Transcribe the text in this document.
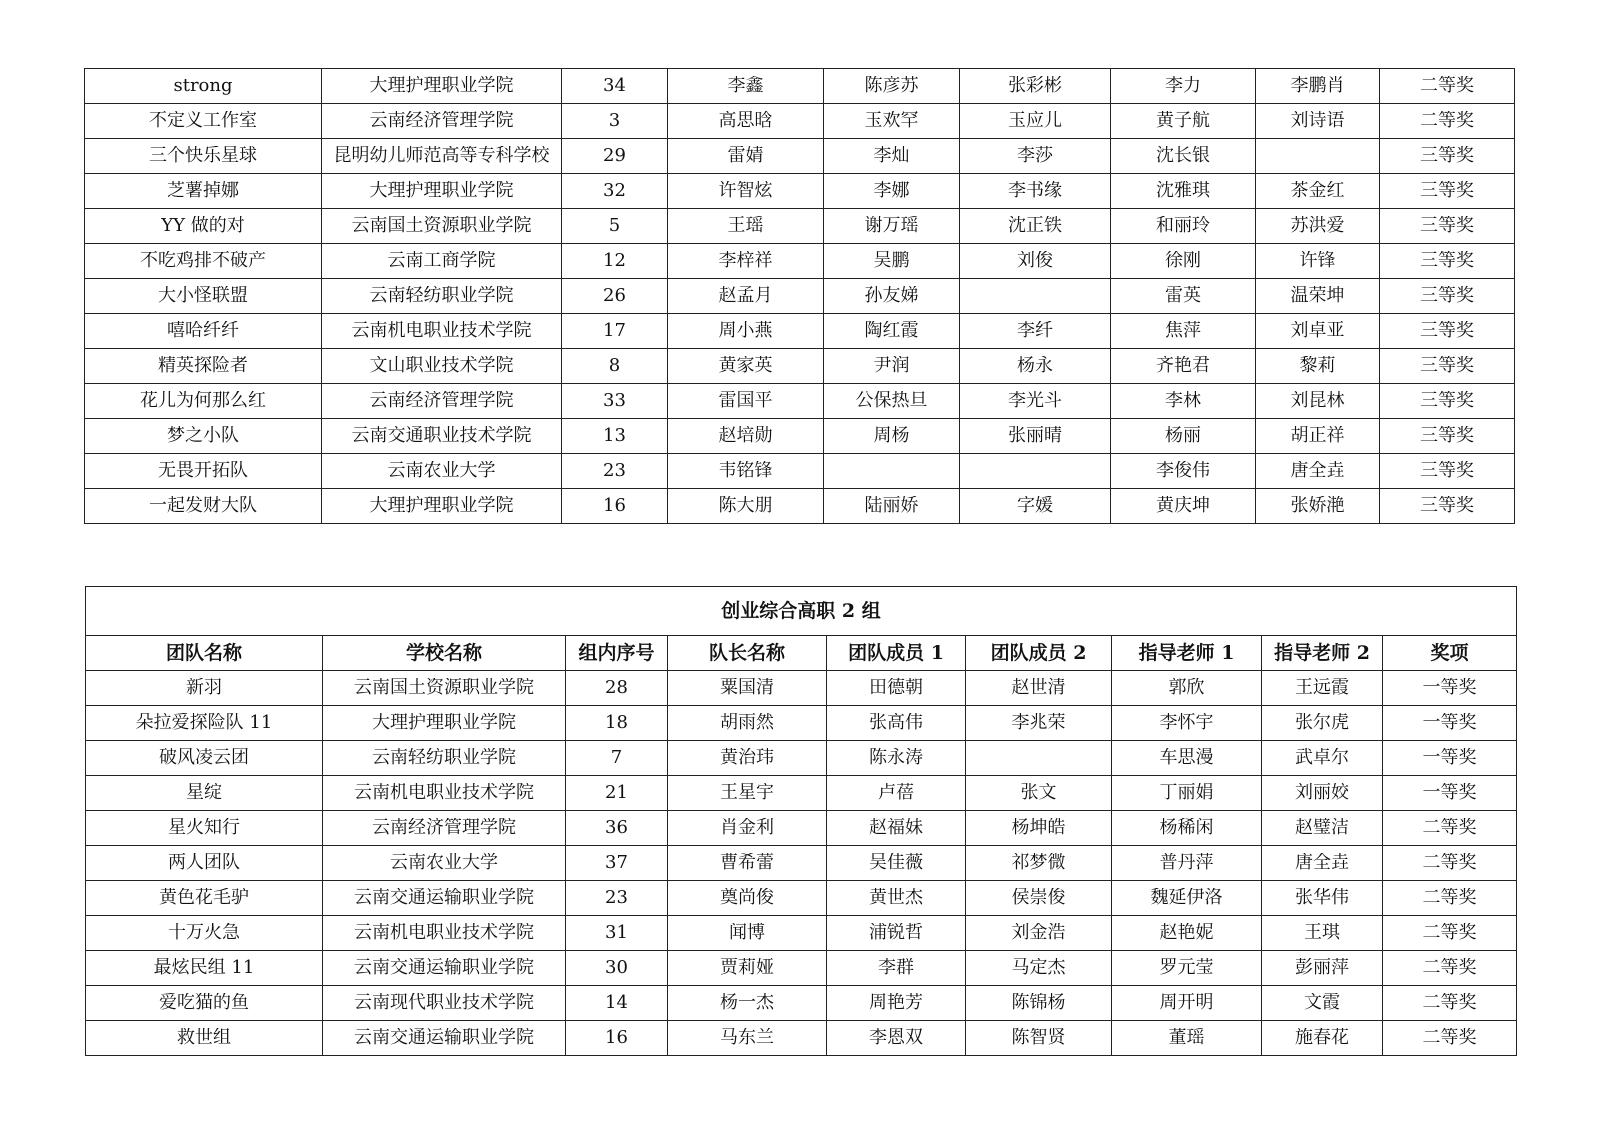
strong	大理护理职业学院	34	李鑫	陈彦苏	张彩彬	李力	李鹏肖	二等奖

不定义工作室	云南经济管理学院	3	高思晗	玉欢罕	玉应儿	黄子航	刘诗语	二等奖

三个快乐星球	昆明幼儿师范高等专科学校	29	雷婧	李灿	李莎	沈长银		三等奖

芝薯掉娜	大理护理职业学院	32	许智炫	李娜	李书缘	沈雅琪	茶金红	三等奖

YY 做的对	云南国土资源职业学院	5	王瑶	谢万瑶	沈正铁	和丽玲	苏洪爱	三等奖

不吃鸡排不破产	云南工商学院	12	李梓祥	吴鹏	刘俊	徐刚	许锋	三等奖

大小怪联盟	云南轻纺职业学院	26	赵孟月	孙友娣		雷英	温荣坤	三等奖

嘻哈纤纤	云南机电职业技术学院	17	周小燕	陶红霞	李纤	焦萍	刘卓亚	三等奖

精英探险者	文山职业技术学院	8	黄家英	尹润	杨永	齐艳君	黎莉	三等奖

花儿为何那么红	云南经济管理学院	33	雷国平	公保热旦	李光斗	李林	刘昆林	三等奖

梦之小队	云南交通职业技术学院	13	赵培勋	周杨	张丽晴	杨丽	胡正祥	三等奖

无畏开拓队	云南农业大学	23	韦铭锋			李俊伟	唐全垚	三等奖

一起发财大队	大理护理职业学院	16	陈大朋	陆丽娇	字媛	黄庆坤	张娇滟	三等奖
创业综合高职 2 组								
团队名称	学校名称	组内序号	队长名称	团队成员 1	团队成员 2	指导老师 1	指导老师 2	奖项

新羽	云南国土资源职业学院	28	粟国清	田德朝	赵世清	郭欣	王远霞	一等奖

朵拉爱探险队 11	大理护理职业学院	18	胡雨然	张高伟	李兆荣	李怀宇	张尔虎	一等奖

破风凌云团	云南轻纺职业学院	7	黄治玮	陈永涛		车思漫	武卓尔	一等奖

星绽	云南机电职业技术学院	21	王星宇	卢蓓	张文	丁丽娟	刘丽姣	一等奖

星火知行	云南经济管理学院	36	肖金利	赵福妹	杨坤皓	杨稀闲	赵璧洁	二等奖

两人团队	云南农业大学	37	曹希蕾	吴佳薇	祁梦微	普丹萍	唐全垚	二等奖

黄色花毛驴	云南交通运输职业学院	23	奠尚俊	黄世杰	侯崇俊	魏延伊洛	张华伟	二等奖

十万火急	云南机电职业技术学院	31	闻博	浦锐哲	刘金浩	赵艳妮	王琪	二等奖

最炫民组 11	云南交通运输职业学院	30	贾莉娅	李群	马定杰	罗元莹	彭丽萍	二等奖

爱吃猫的鱼	云南现代职业技术学院	14	杨一杰	周艳芳	陈锦杨	周开明	文霞	二等奖

救世组	云南交通运输职业学院	16	马东兰	李恩双	陈智贤	董瑶	施春花	二等奖
